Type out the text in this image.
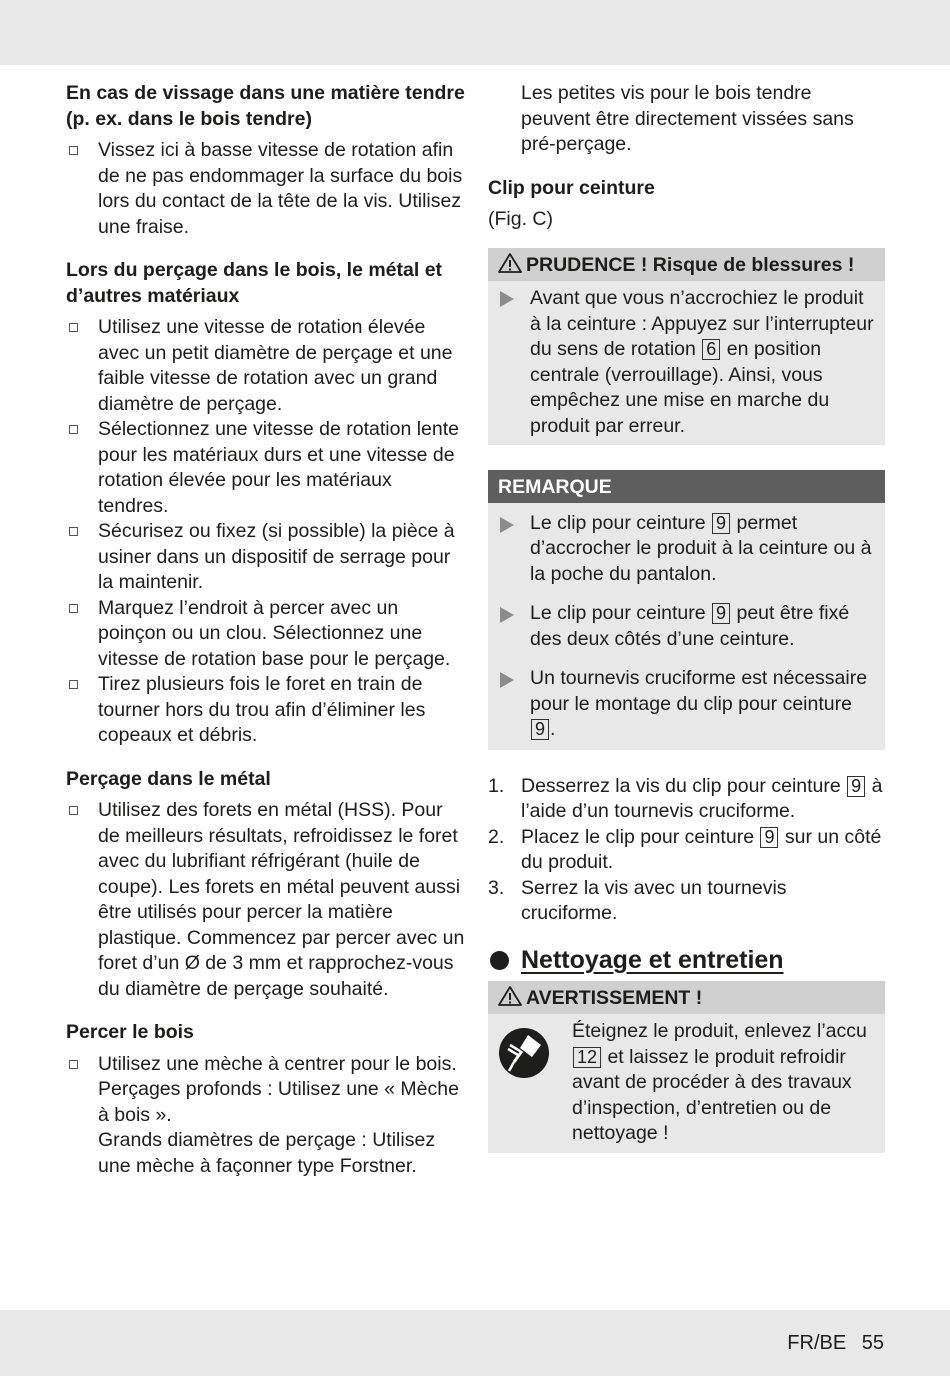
En cas de vissage dans une matière tendre (p. ex. dans le bois tendre)

Vissez ici à basse vitesse de rotation afin de ne pas endommager la surface du bois lors du contact de la tête de la vis. Utilisez une fraise.

Lors du perçage dans le bois, le métal et d’autres matériaux

Utilisez une vitesse de rotation élevée avec un petit diamètre de perçage et une faible vitesse de rotation avec un grand diamètre de perçage.

Sélectionnez une vitesse de rotation lente pour les matériaux durs et une vitesse de rotation élevée pour les matériaux tendres.

Sécurisez ou fixez (si possible) la pièce à usiner dans un dispositif de serrage pour la maintenir.

Marquez l’endroit à percer avec un poinçon ou un clou. Sélectionnez une vitesse de rotation base pour le perçage.

Tirez plusieurs fois le foret en train de tourner hors du trou afin d’éliminer les copeaux et débris.

Perçage dans le métal

Utilisez des forets en métal (HSS). Pour de meilleurs résultats, refroidissez le foret avec du lubrifiant réfrigérant (huile de coupe). Les forets en métal peuvent aussi être utilisés pour percer la matière plastique. Commencez par percer avec un foret d’un Ø de 3 mm et rapprochez-vous du diamètre de perçage souhaité.

Percer le bois

Utilisez une mèche à centrer pour le bois.
Perçages profonds : Utilisez une « Mèche à bois ».
Grands diamètres de perçage : Utilisez une mèche à façonner type Forstner.

Les petites vis pour le bois tendre peuvent être directement vissées sans pré-perçage.

Clip pour ceinture

(Fig. C)

PRUDENCE ! Risque de blessures !
Avant que vous n’accrochiez le produit à la ceinture : Appuyez sur l’interrupteur du sens de rotation 6 en position centrale (verrouillage). Ainsi, vous empêchez une mise en marche du produit par erreur.
REMARQUE
Le clip pour ceinture 9 permet d’accrocher le produit à la ceinture ou à la poche du pantalon.
Le clip pour ceinture 9 peut être fixé des deux côtés d’une ceinture.
Un tournevis cruciforme est nécessaire pour le montage du clip pour ceinture 9 .

1. Desserrez la vis du clip pour ceinture 9 à l’aide d’un tournevis cruciforme.

2. Placez le clip pour ceinture 9 sur un côté du produit.

3. Serrez la vis avec un tournevis cruciforme.

Nettoyage et entretien
AVERTISSEMENT !
Éteignez le produit, enlevez l’accu 12 et laissez le produit refroidir avant de procéder à des travaux d’inspection, d’entretien ou de nettoyage !
FR/BE 55
